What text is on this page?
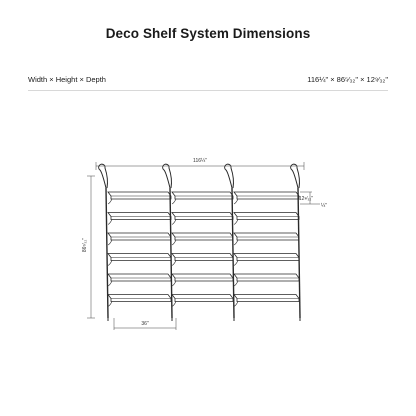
Deco Shelf System Dimensions
Width × Height × Depth	116¼" × 86⁵⁄₃₂" × 12⁹⁄₃₂"
116¼"
86⁵⁄₃₂"
36"
12⁹⁄₃₂"
¼"
